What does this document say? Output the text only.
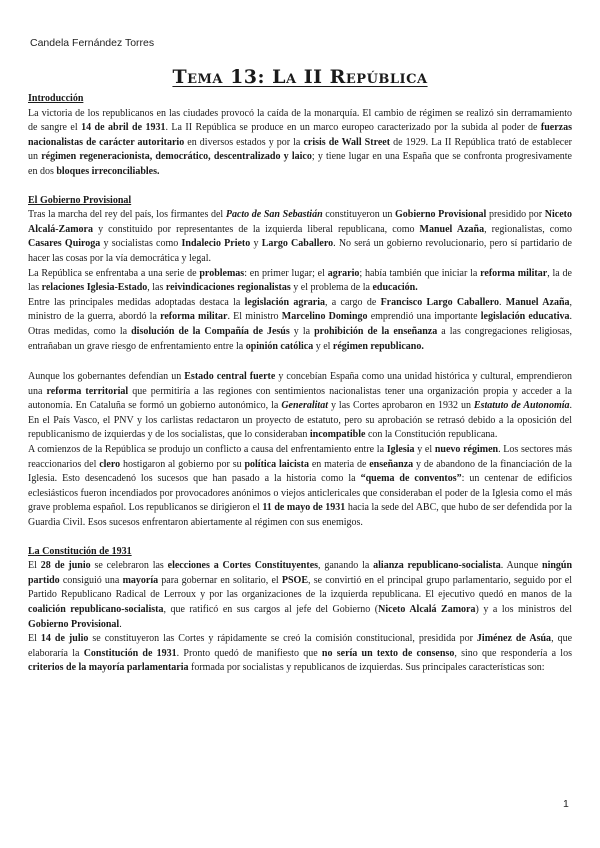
Candela Fernández Torres
Tema 13: La II República

Introducción

La victoria de los republicanos en las ciudades provocó la caída de la monarquía. El cambio de régimen se realizó sin derramamiento de sangre el 14 de abril de 1931. La II República se produce en un marco europeo caracterizado por la subida al poder de fuerzas nacionalistas de carácter autoritario en diversos estados y por la crisis de Wall Street de 1929. La II República trató de establecer un régimen regeneracionista, democrático, descentralizado y laico; y tiene lugar en una España que se confronta progresivamente en dos bloques irreconciliables.

El Gobierno Provisional

Tras la marcha del rey del país, los firmantes del Pacto de San Sebastián constituyeron un Gobierno Provisional presidido por Niceto Alcalá-Zamora y constituido por representantes de la izquierda liberal republicana, como Manuel Azaña, regionalistas, como Casares Quiroga y socialistas como Indalecio Prieto y Largo Caballero. No será un gobierno revolucionario, pero sí partidario de hacer las cosas por la vía democrática y legal.

La República se enfrentaba a una serie de problemas: en primer lugar; el agrario; había también que iniciar la reforma militar, la de las relaciones Iglesia-Estado, las reivindicaciones regionalistas y el problema de la educación.

Entre las principales medidas adoptadas destaca la legislación agraria, a cargo de Francisco Largo Caballero. Manuel Azaña, ministro de la guerra, abordó la reforma militar. El ministro Marcelino Domingo emprendió una importante legislación educativa. Otras medidas, como la disolución de la Compañía de Jesús y la prohibición de la enseñanza a las congregaciones religiosas, entrañaban un grave riesgo de enfrentamiento entre la opinión católica y el régimen republicano.

Aunque los gobernantes defendían un Estado central fuerte y concebían España como una unidad histórica y cultural, emprendieron una reforma territorial que permitiría a las regiones con sentimientos nacionalistas tener una organización propia y acceder a la autonomía. En Cataluña se formó un gobierno autonómico, la Generalitat y las Cortes aprobaron en 1932 un Estatuto de Autonomía. En el País Vasco, el PNV y los carlistas redactaron un proyecto de estatuto, pero su aprobación se retrasó debido a la oposición del republicanismo de izquierdas y de los socialistas, que lo consideraban incompatible con la Constitución republicana.

A comienzos de la República se produjo un conflicto a causa del enfrentamiento entre la Iglesia y el nuevo régimen. Los sectores más reaccionarios del clero hostigaron al gobierno por su política laicista en materia de enseñanza y de abandono de la financiación de la Iglesia. Esto desencadenó los sucesos que han pasado a la historia como la “quema de conventos”: un centenar de edificios eclesiásticos fueron incendiados por provocadores anónimos o viejos anticlericales que consideraban el poder de la Iglesia como el más grave problema español. Los republicanos se dirigieron el 11 de mayo de 1931 hacia la sede del ABC, que hubo de ser defendida por la Guardia Civil. Esos sucesos enfrentaron abiertamente al régimen con sus enemigos.

La Constitución de 1931

El 28 de junio se celebraron las elecciones a Cortes Constituyentes, ganando la alianza republicano-socialista. Aunque ningún partido consiguió una mayoría para gobernar en solitario, el PSOE, se convirtió en el principal grupo parlamentario, seguido por el Partido Republicano Radical de Lerroux y por las organizaciones de la izquierda republicana. El ejecutivo quedó en manos de la coalición republicano-socialista, que ratificó en sus cargos al jefe del Gobierno (Niceto Alcalá Zamora) y a los ministros del Gobierno Provisional.

El 14 de julio se constituyeron las Cortes y rápidamente se creó la comisión constitucional, presidida por Jiménez de Asúa, que elaboraría la Constitución de 1931. Pronto quedó de manifiesto que no sería un texto de consenso, sino que respondería a los criterios de la mayoría parlamentaria formada por socialistas y republicanos de izquierdas. Sus principales características son:

1
